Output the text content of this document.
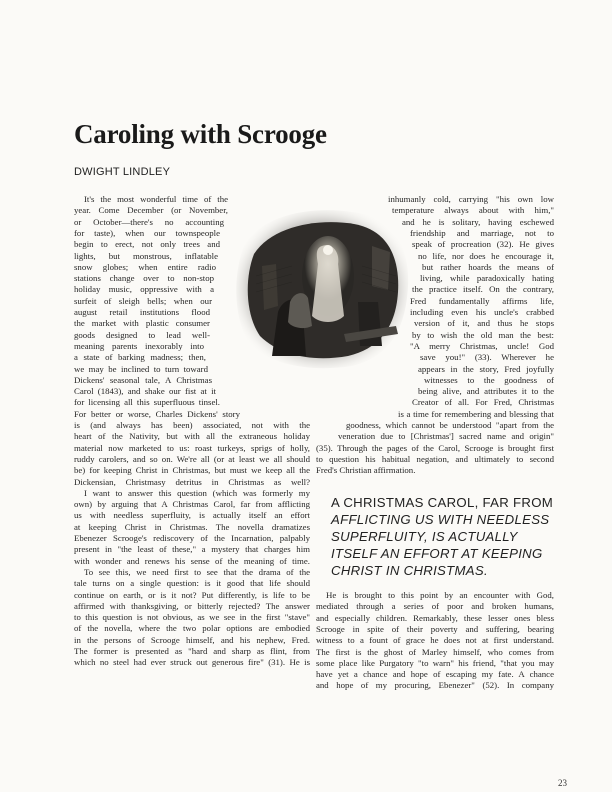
Caroling with Scrooge
DWIGHT LINDLEY
It's the most wonderful time of the
year. Come December (or November,
or October—there's no accounting
for taste), when our townspeople
begin to erect, not only trees and
lights, but monstrous, inflatable
snow globes; when entire radio
stations change over to non-stop
holiday music, oppressive with a
surfeit of sleigh bells; when our
august retail institutions flood
the market with plastic consumer
goods designed to lead well-
meaning parents inexorably into
a state of barking madness; then,
we may be inclined to turn toward
Dickens' seasonal tale, A Christmas
Carol (1843), and shake our fist at it
for licensing all this superfluous tinsel.
For better or worse, Charles Dickens' story
is (and always has been) associated, not with the
heart of the Nativity, but with all the extraneous holiday
material now marketed to us: roast turkeys, sprigs of holly,
ruddy carolers, and so on. We're all (or at least we all should
be) for keeping Christ in Christmas, but must we keep all the
Dickensian, Christmasy detritus in Christmas as well?
I want to answer this question (which was formerly my
own) by arguing that A Christmas Carol, far from afflicting
us with needless superfluity, is actually itself an effort
at keeping Christ in Christmas. The novella dramatizes
Ebenezer Scrooge's rediscovery of the Incarnation, palpably
present in "the least of these," a mystery that charges him
with wonder and renews his sense of the meaning of time.
To see this, we need first to see that the drama of the
tale turns on a single question: is it good that life should
continue on earth, or is it not? Put differently, is life to be
affirmed with thanksgiving, or bitterly rejected? The answer
to this question is not obvious, as we see in the first "stave"
of the novella, where the two polar options are embodied
in the persons of Scrooge himself, and his nephew, Fred.
The former is presented as "hard and sharp as flint, from
which no steel had ever struck out generous fire" (31). He is
inhumanly cold, carrying "his own low
temperature always about with him,"
and he is solitary, having eschewed
friendship and marriage, not to
speak of procreation (32). He gives
no life, nor does he encourage it,
but rather hoards the means of
living, while paradoxically hating
the practice itself. On the contrary,
Fred fundamentally affirms life,
including even his uncle's crabbed
version of it, and thus he stops
by to wish the old man the best:
"A merry Christmas, uncle! God
save you!" (33). Wherever he
appears in the story, Fred joyfully
witnesses to the goodness of
being alive, and attributes it to the
Creator of all. For Fred, Christmas
is a time for remembering and blessing that
goodness, which cannot be understood "apart from the
veneration due to [Christmas'] sacred name and origin"
(35). Through the pages of the Carol, Scrooge is brought first
to question his habitual negation, and ultimately to second
Fred's Christian affirmation.
He is brought to this point by an encounter with God,
mediated through a series of poor and broken humans,
and especially children. Remarkably, these lesser ones bless
Scrooge in spite of their poverty and suffering, bearing
witness to a fount of grace he does not at first understand.
The first is the ghost of Marley himself, who comes from
some place like Purgatory "to warn" his friend, "that you may
have yet a chance and hope of escaping my fate. A chance
and hope of my procuring, Ebenezer" (52). In company
A CHRISTMAS CAROL, FAR FROM
AFFLICTING US WITH NEEDLESS
SUPERFLUITY, IS ACTUALLY
ITSELF AN EFFORT AT KEEPING
CHRIST IN CHRISTMAS.
23
